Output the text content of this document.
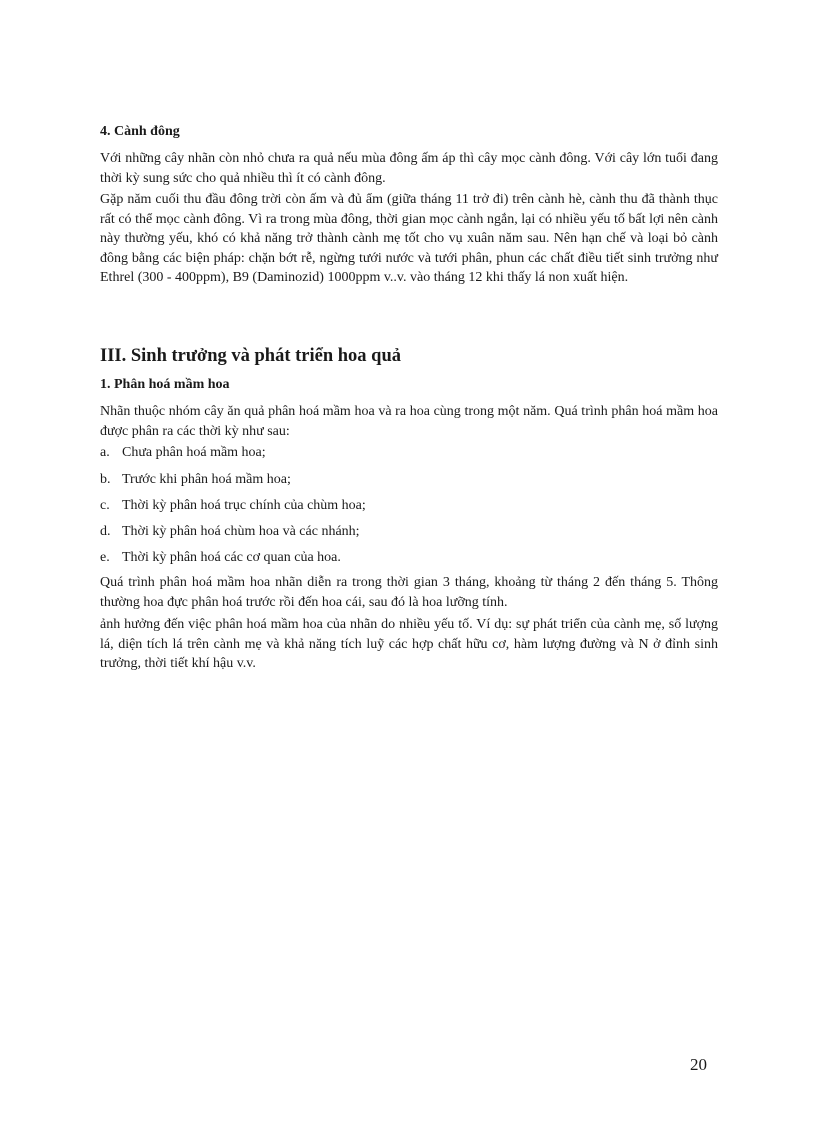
4. Cành đông

Với những cây nhãn còn nhỏ chưa ra quả nếu mùa đông ấm áp thì cây mọc cành đông. Với cây lớn tuổi đang thời kỳ sung sức cho quả nhiều thì ít có cành đông.

Gặp năm cuối thu đầu đông trời còn ấm và đủ ẩm (giữa tháng 11 trở đi) trên cành hè, cành thu đã thành thục rất có thể mọc cành đông. Vì ra trong mùa đông, thời gian mọc cành ngắn, lại có nhiều yếu tố bất lợi nên cành này thường yếu, khó có khả năng trở thành cành mẹ tốt cho vụ xuân năm sau. Nên hạn chế và loại bỏ cành đông bằng các biện pháp: chặn bớt rễ, ngừng tưới nước và tưới phân, phun các chất điều tiết sinh trưởng như Ethrel (300 - 400ppm), B9 (Daminozid) 1000ppm v..v. vào tháng 12 khi thấy lá non xuất hiện.

III. Sinh trưởng và phát triển hoa quả
1. Phân hoá mầm hoa

Nhãn thuộc nhóm cây ăn quả phân hoá mầm hoa và ra hoa cùng trong một năm. Quá trình phân hoá mầm hoa được phân ra các thời kỳ như sau:

a. Chưa phân hoá mầm hoa;
b. Trước khi phân hoá mầm hoa;
c. Thời kỳ phân hoá trục chính của chùm hoa;
d. Thời kỳ phân hoá chùm hoa và các nhánh;
e. Thời kỳ phân hoá các cơ quan của hoa.

Quá trình phân hoá mầm hoa nhãn diễn ra trong thời gian 3 tháng, khoảng từ tháng 2 đến tháng 5. Thông thường hoa đực phân hoá trước rồi đến hoa cái, sau đó là hoa lưỡng tính.

ảnh hưởng đến việc phân hoá mầm hoa của nhãn do nhiều yếu tố. Ví dụ: sự phát triển của cành mẹ, số lượng lá, diện tích lá trên cành mẹ và khả năng tích luỹ các hợp chất hữu cơ, hàm lượng đường và N ở đỉnh sinh trưởng, thời tiết khí hậu v.v.

20
